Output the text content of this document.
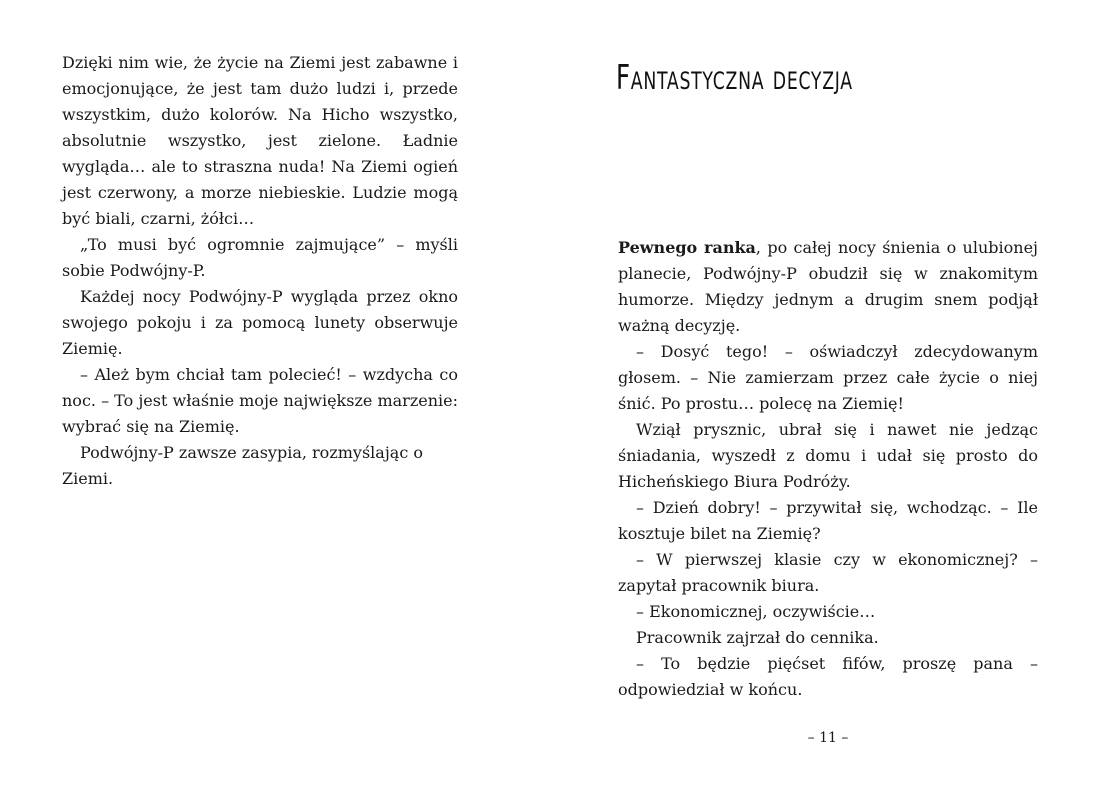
Dzięki nim wie, że życie na Ziemi jest zabawne i emocjonujące, że jest tam dużo ludzi i, przede wszystkim, dużo kolorów. Na Hicho wszystko, absolutnie wszystko, jest zielone. Ładnie wygląda… ale to straszna nuda! Na Ziemi ogień jest czerwony, a morze niebieskie. Ludzie mogą być biali, czarni, żółci…

„To musi być ogromnie zajmujące” – myśli sobie Podwójny-P.

Każdej nocy Podwójny-P wygląda przez okno swojego pokoju i za pomocą lunety obserwuje Ziemię.

– Ależ bym chciał tam polecieć! – wzdycha co noc. – To jest właśnie moje największe marzenie: wybrać się na Ziemię.

Podwójny-P zawsze zasypia, rozmyślając o Ziemi.

Fantastyczna decyzja

Pewnego ranka, po całej nocy śnienia o ulubionej planecie, Podwójny-P obudził się w znakomitym humorze. Między jednym a drugim snem podjął ważną decyzję.

– Dosyć tego! – oświadczył zdecydowanym głosem. – Nie zamierzam przez całe życie o niej śnić. Po prostu… polecę na Ziemię!

Wziął prysznic, ubrał się i nawet nie jedząc śniadania, wyszedł z domu i udał się prosto do Hicheńskiego Biura Podróży.

– Dzień dobry! – przywitał się, wchodząc. – Ile kosztuje bilet na Ziemię?

– W pierwszej klasie czy w ekonomicznej? – zapytał pracownik biura.

– Ekonomicznej, oczywiście…

Pracownik zajrzał do cennika.

– To będzie pięćset fifów, proszę pana – odpowiedział w końcu.

– 11 –
